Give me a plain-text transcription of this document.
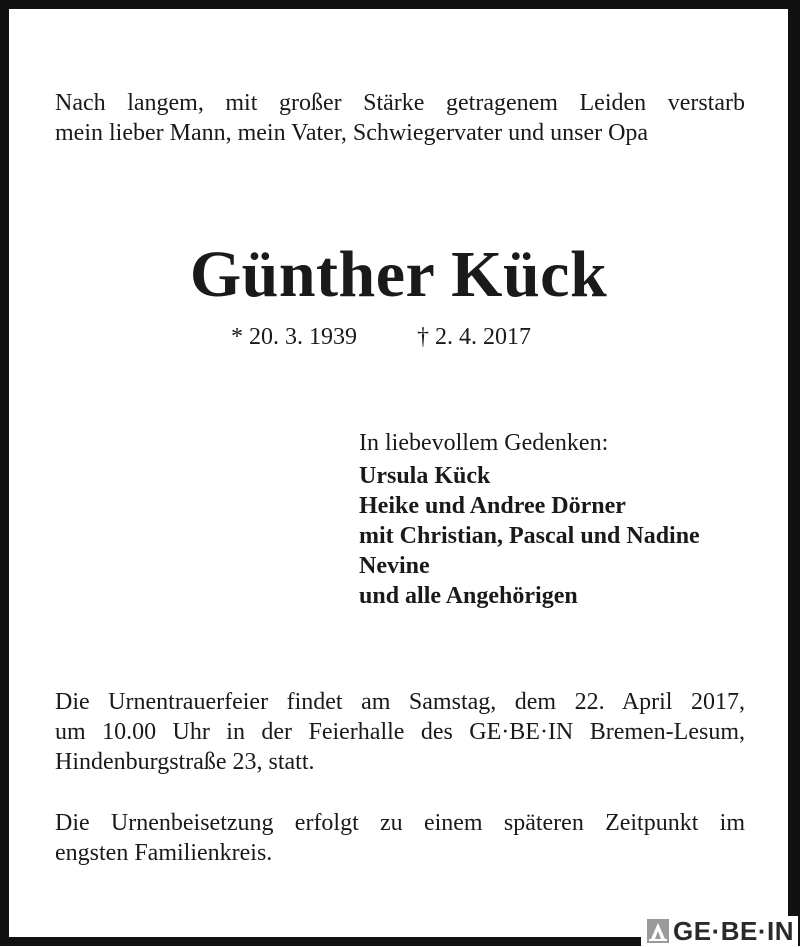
Nach langem, mit großer Stärke getragenem Leiden verstarb
mein lieber Mann, mein Vater, Schwiegervater und unser Opa
Günther Kück
* 20. 3. 1939	† 2. 4. 2017
In liebevollem Gedenken:
Ursula Kück
Heike und Andree Dörner
mit Christian, Pascal und Nadine
Nevine
und alle Angehörigen
Die Urnentrauerfeier findet am Samstag, dem 22. April 2017,
um 10.00 Uhr in der Feierhalle des GE·BE·IN Bremen-Lesum,
Hindenburgstraße 23, statt.
Die Urnenbeisetzung erfolgt zu einem späteren Zeitpunkt im
engsten Familienkreis.
GE·BE·IN
